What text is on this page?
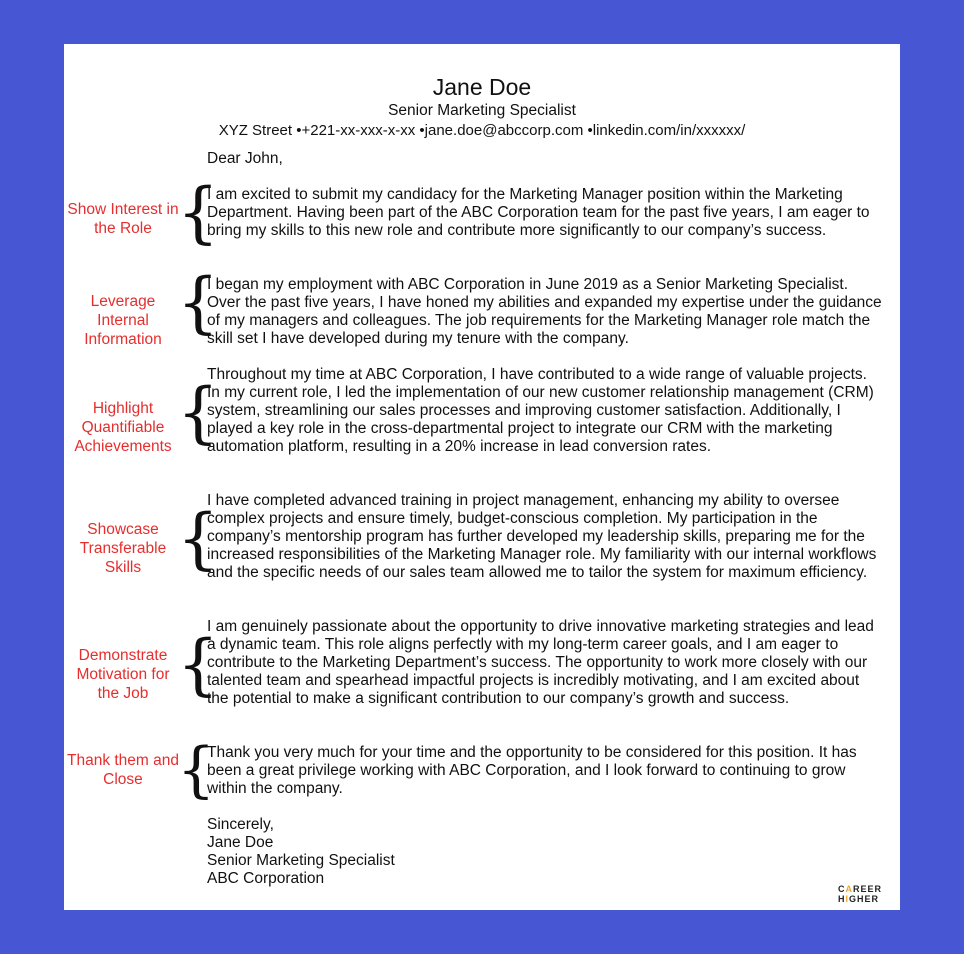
Jane Doe
Senior Marketing Specialist
XYZ Street •+221-xx-xxx-x-xx •jane.doe@abccorp.com •linkedin.com/in/xxxxxx/
Dear John,
Show Interest in the Role {

I am excited to submit my candidacy for the Marketing Manager position within the Marketing Department. Having been part of the ABC Corporation team for the past five years, I am eager to bring my skills to this new role and contribute more significantly to our company’s success.

Leverage Internal Information {

I began my employment with ABC Corporation in June 2019 as a Senior Marketing Specialist. Over the past five years, I have honed my abilities and expanded my expertise under the guidance of my managers and colleagues. The job requirements for the Marketing Manager role match the skill set I have developed during my tenure with the company.

Highlight Quantifiable Achievements {

Throughout my time at ABC Corporation, I have contributed to a wide range of valuable projects. In my current role, I led the implementation of our new customer relationship management (CRM) system, streamlining our sales processes and improving customer satisfaction. Additionally, I played a key role in the cross-departmental project to integrate our CRM with the marketing automation platform, resulting in a 20% increase in lead conversion rates.

Showcase Transferable Skills {

I have completed advanced training in project management, enhancing my ability to oversee complex projects and ensure timely, budget-conscious completion. My participation in the company’s mentorship program has further developed my leadership skills, preparing me for the increased responsibilities of the Marketing Manager role. My familiarity with our internal workflows and the specific needs of our sales team allowed me to tailor the system for maximum efficiency.

Demonstrate Motivation for the Job {

I am genuinely passionate about the opportunity to drive innovative marketing strategies and lead a dynamic team. This role aligns perfectly with my long-term career goals, and I am eager to contribute to the Marketing Department’s success. The opportunity to work more closely with our talented team and spearhead impactful projects is incredibly motivating, and I am excited about the potential to make a significant contribution to our company’s growth and success.

Thank them and Close {

Thank you very much for your time and the opportunity to be considered for this position. It has been a great privilege working with ABC Corporation, and I look forward to continuing to grow within the company.

Sincerely,
Jane Doe
Senior Marketing Specialist
ABC Corporation
CAREER
HIGHER
